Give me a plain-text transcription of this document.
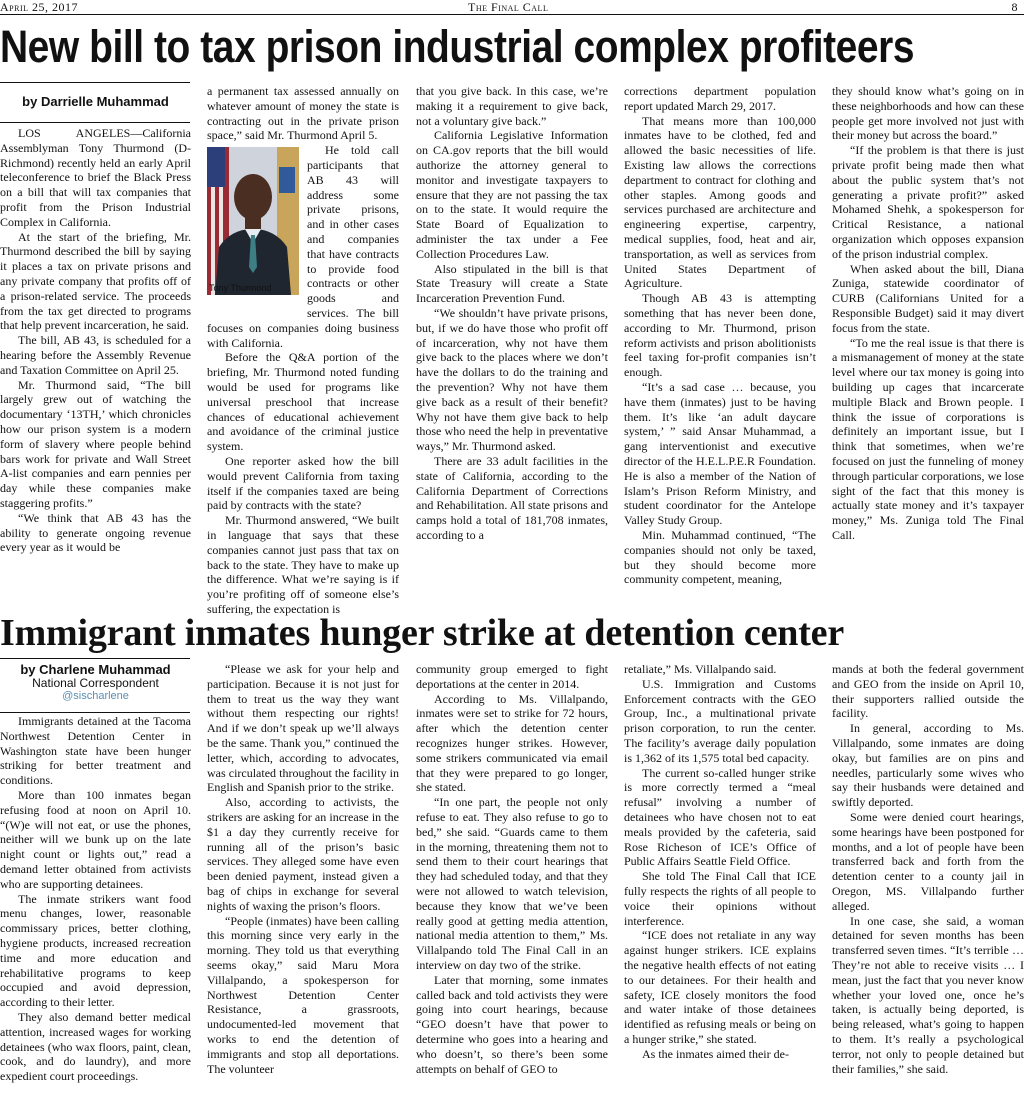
April 25, 2017	The Final Call	8
New bill to tax prison industrial complex profiteers
by Darrielle Muhammad

LOS ANGELES—California Assemblyman Tony Thurmond (D-Richmond) recently held an early April teleconference to brief the Black Press on a bill that will tax companies that profit from the Prison Industrial Complex in California.

At the start of the briefing, Mr. Thurmond described the bill by saying it places a tax on private prisons and any private company that profits off of a prison-related service. The proceeds from the tax get directed to programs that help prevent incarceration, he said.

The bill, AB 43, is scheduled for a hearing before the Assembly Revenue and Taxation Committee on April 25.

Mr. Thurmond said, “The bill largely grew out of watching the documentary ‘13TH,’ which chronicles how our prison system is a modern form of slavery where people behind bars work for private and Wall Street A-list companies and earn pennies per day while these companies make staggering profits.”

“We think that AB 43 has the ability to generate ongoing revenue every year as it would be

a permanent tax assessed annually on whatever amount of money the state is contracting out in the private prison space,” said Mr. Thurmond April 5.

Tony Thurmond

He told call participants that AB 43 will address some private prisons, and in other cases and companies that have contracts to provide food contracts or other goods and services. The bill focuses on companies doing business with California.

Before the Q&A portion of the briefing, Mr. Thurmond noted funding would be used for programs like universal preschool that increase chances of educational achievement and avoidance of the criminal justice system.

One reporter asked how the bill would prevent California from taxing itself if the companies taxed are being paid by contracts with the state?

Mr. Thurmond answered, “We built in language that says that these companies cannot just pass that tax on back to the state. They have to make up the difference. What we’re saying is if you’re profiting off of someone else’s suffering, the expectation is

that you give back. In this case, we’re making it a requirement to give back, not a voluntary give back.”

California Legislative Information on CA.gov reports that the bill would authorize the attorney general to monitor and investigate taxpayers to ensure that they are not passing the tax on to the state. It would require the State Board of Equalization to administer the tax under a Fee Collection Procedures Law.

Also stipulated in the bill is that State Treasury will create a State Incarceration Prevention Fund.

“We shouldn’t have private prisons, but, if we do have those who profit off of incarceration, why not have them give back to the places where we don’t have the dollars to do the training and the prevention? Why not have them give back as a result of their benefit? Why not have them give back to help those who need the help in preventative ways,” Mr. Thurmond asked.

There are 33 adult facilities in the state of California, according to the California Department of Corrections and Rehabilitation. All state prisons and camps hold a total of 181,708 inmates, according to a

corrections department population report updated March 29, 2017.

That means more than 100,000 inmates have to be clothed, fed and allowed the basic necessities of life. Existing law allows the corrections department to contract for clothing and other staples. Among goods and services purchased are architecture and engineering expertise, carpentry, medical supplies, food, heat and air, transportation, as well as services from United States Department of Agriculture.

Though AB 43 is attempting something that has never been done, according to Mr. Thurmond, prison reform activists and prison abolitionists feel taxing for-profit companies isn’t enough.

“It’s a sad case … because, you have them (inmates) just to be having them. It’s like ‘an adult daycare system,’ ” said Ansar Muhammad, a gang interventionist and executive director of the H.E.L.P.E.R Foundation. He is also a member of the Nation of Islam’s Prison Reform Ministry, and student coordinator for the Antelope Valley Study Group.

Min. Muhammad continued, “The companies should not only be taxed, but they should become more community competent, meaning,

they should know what’s going on in these neighborhoods and how can these people get more involved not just with their money but across the board.”

“If the problem is that there is just private profit being made then what about the public system that’s not generating a private profit?” asked Mohamed Shehk, a spokesperson for Critical Resistance, a national organization which opposes expansion of the prison industrial complex.

When asked about the bill, Diana Zuniga, statewide coordinator of CURB (Californians United for a Responsible Budget) said it may divert focus from the state.

“To me the real issue is that there is a mismanagement of money at the state level where our tax money is going into building up cages that incarcerate multiple Black and Brown people. I think the issue of corporations is definitely an important issue, but I think that sometimes, when we’re focused on just the funneling of money through particular corporations, we lose sight of the fact that this money is actually state money and it’s taxpayer money,” Ms. Zuniga told The Final Call.

Immigrant inmates hunger strike at detention center
by Charlene Muhammad
National Correspondent
@sischarlene

Immigrants detained at the Tacoma Northwest Detention Center in Washington state have been hunger striking for better treatment and conditions.

More than 100 inmates began refusing food at noon on April 10. “(W)e will not eat, or use the phones, neither will we bunk up on the late night count or lights out,” read a demand letter obtained from activists who are supporting detainees.

The inmate strikers want food menu changes, lower, reasonable commissary prices, better clothing, hygiene products, increased recreation time and more education and rehabilitative programs to keep occupied and avoid depression, according to their letter.

They also demand better medical attention, increased wages for working detainees (who wax floors, paint, clean, cook, and do laundry), and more expedient court proceedings.

“Please we ask for your help and participation. Because it is not just for them to treat us the way they want without them respecting our rights! And if we don’t speak up we’ll always be the same. Thank you,” continued the letter, which, according to advocates, was circulated throughout the facility in English and Spanish prior to the strike.

Also, according to activists, the strikers are asking for an increase in the $1 a day they currently receive for running all of the prison’s basic services. They alleged some have even been denied payment, instead given a bag of chips in exchange for several nights of waxing the prison’s floors.

“People (inmates) have been calling this morning since very early in the morning. They told us that everything seems okay,” said Maru Mora Villalpando, a spokesperson for Northwest Detention Center Resistance, a grassroots, undocumented-led movement that works to end the detention of immigrants and stop all deportations. The volunteer

community group emerged to fight deportations at the center in 2014.

According to Ms. Villalpando, inmates were set to strike for 72 hours, after which the detention center recognizes hunger strikes. However, some strikers communicated via email that they were prepared to go longer, she stated.

“In one part, the people not only refuse to eat. They also refuse to go to bed,” she said. “Guards came to them in the morning, threatening them not to send them to their court hearings that they had scheduled today, and that they were not allowed to watch television, because they know that we’ve been really good at getting media attention, national media attention to them,” Ms. Villalpando told The Final Call in an interview on day two of the strike.

Later that morning, some inmates called back and told activists they were going into court hearings, because “GEO doesn’t have that power to determine who goes into a hearing and who doesn’t, so there’s been some attempts on behalf of GEO to

retaliate,” Ms. Villalpando said.

U.S. Immigration and Customs Enforcement contracts with the GEO Group, Inc., a multinational private prison corporation, to run the center. The facility’s average daily population is 1,362 of its 1,575 total bed capacity.

The current so-called hunger strike is more correctly termed a “meal refusal” involving a number of detainees who have chosen not to eat meals provided by the cafeteria, said Rose Richeson of ICE’s Office of Public Affairs Seattle Field Office.

She told The Final Call that ICE fully respects the rights of all people to voice their opinions without interference.

“ICE does not retaliate in any way against hunger strikers. ICE explains the negative health effects of not eating to our detainees. For their health and safety, ICE closely monitors the food and water intake of those detainees identified as refusing meals or being on a hunger strike,” she stated.

As the inmates aimed their de-

mands at both the federal government and GEO from the inside on April 10, their supporters rallied outside the facility.

In general, according to Ms. Villalpando, some inmates are doing okay, but families are on pins and needles, particularly some wives who say their husbands were detained and swiftly deported.

Some were denied court hearings, some hearings have been postponed for months, and a lot of people have been transferred back and forth from the detention center to a county jail in Oregon, MS. Villalpando further alleged.

In one case, she said, a woman detained for seven months has been transferred seven times. “It’s terrible … They’re not able to receive visits … I mean, just the fact that you never know whether your loved one, once he’s taken, is actually being deported, is being released, what’s going to happen to them. It’s really a psychological terror, not only to people detained but their families,” she said.
